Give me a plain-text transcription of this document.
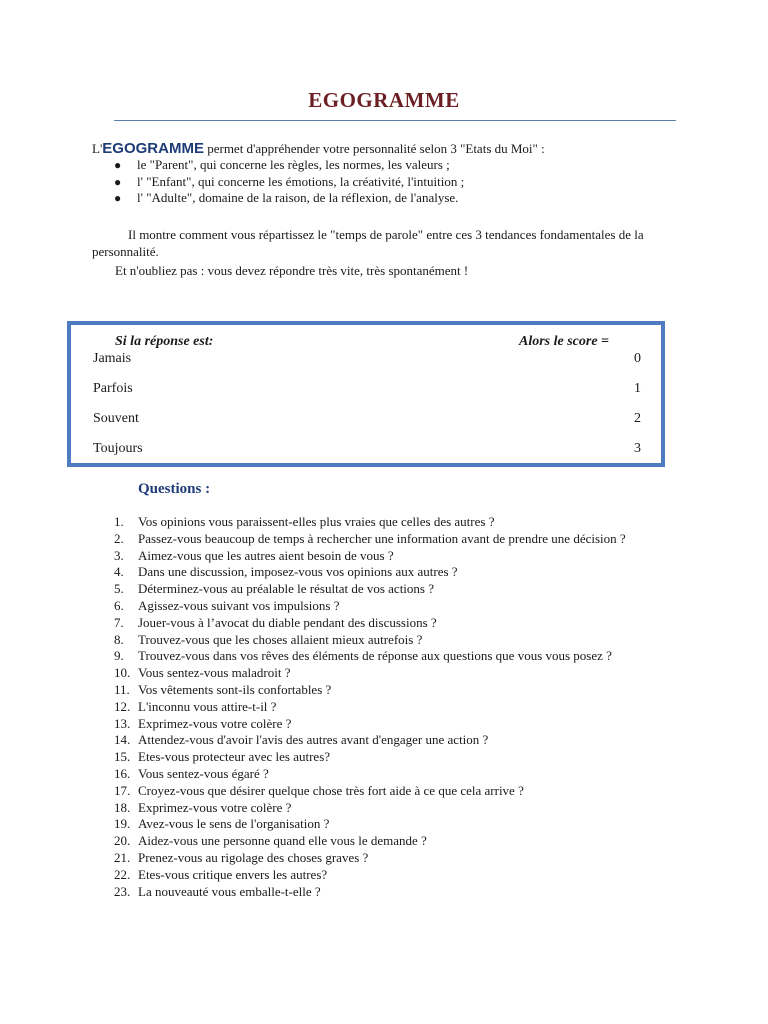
EGOGRAMME
L'EGOGRAMME permet d'appréhender votre personnalité selon 3 "Etats du Moi" :
● le "Parent", qui concerne les règles, les normes, les valeurs ;
● l' "Enfant", qui concerne les émotions, la créativité, l'intuition ;
● l' "Adulte", domaine de la raison, de la réflexion, de l'analyse.
Il montre comment vous répartissez le "temps de parole" entre ces 3 tendances fondamentales de la personnalité.
Et n'oubliez pas : vous devez répondre très vite, très spontanément !
Si la réponse est:	Alors le score =
Jamais	0
Parfois	1
Souvent	2
Toujours	3
Questions :
1.	Vos opinions vous paraissent-elles plus vraies que celles des autres ?
2.	Passez-vous beaucoup de temps à rechercher une information avant de prendre une décision ?
3.	Aimez-vous que les autres aient besoin de vous ?
4.	Dans une discussion, imposez-vous vos opinions aux autres ?
5.	Déterminez-vous au préalable le résultat de vos actions ?
6.	Agissez-vous suivant vos impulsions ?
7.	Jouer-vous à l’avocat du diable pendant des discussions ?
8.	Trouvez-vous que les choses allaient mieux autrefois ?
9.	Trouvez-vous dans vos rêves des éléments de réponse aux questions que vous vous posez ?
10. Vous sentez-vous maladroit ?
11. Vos vêtements sont-ils confortables ?
12. L'inconnu vous attire-t-il ?
13. Exprimez-vous votre colère ?
14. Attendez-vous d'avoir l'avis des autres avant d'engager une action ?
15. Etes-vous protecteur avec les autres?
16. Vous sentez-vous égaré ?
17. Croyez-vous que désirer quelque chose très fort aide à ce que cela arrive ?
18. Exprimez-vous votre colère ?
19. Avez-vous le sens de l'organisation ?
20. Aidez-vous une personne quand elle vous le demande ?
21. Prenez-vous au rigolage des choses graves ?
22. Etes-vous critique envers les autres?
23. La nouveauté vous emballe-t-elle ?
